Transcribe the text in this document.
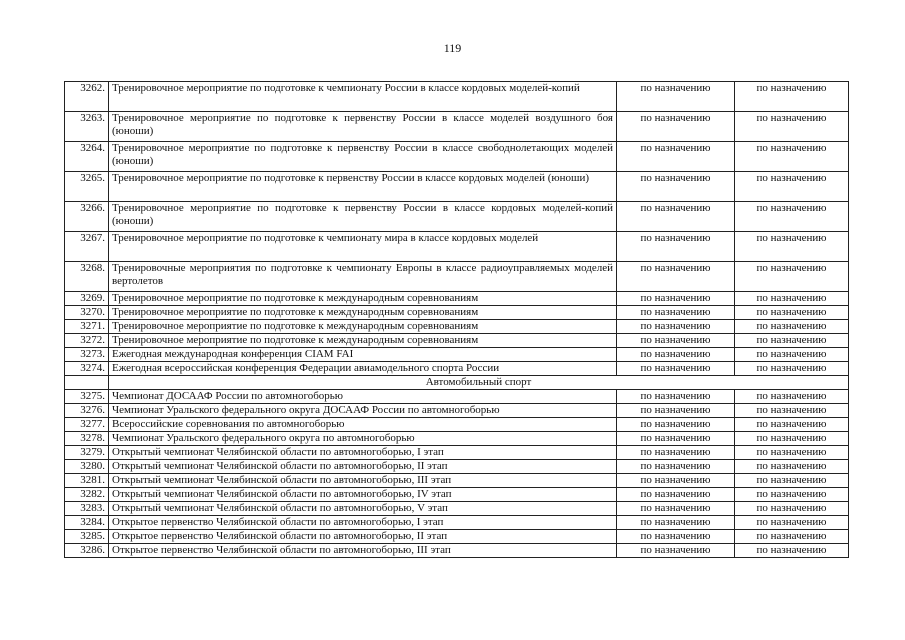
119
3262.	Тренировочное мероприятие по подготовке к чемпионату России в классе кордовых моделей-копий	по назначению	по назначению
3263.	Тренировочное мероприятие по подготовке к первенству России в классе моделей воздушного боя (юноши)	по назначению	по назначению
3264.	Тренировочное мероприятие по подготовке к первенству России в классе свободнолетающих моделей (юноши)	по назначению	по назначению
3265.	Тренировочное мероприятие по подготовке к первенству России в классе кордовых моделей (юноши)	по назначению	по назначению
3266.	Тренировочное мероприятие по подготовке к первенству России в классе кордовых моделей-копий (юноши)	по назначению	по назначению
3267.	Тренировочное мероприятие по подготовке к чемпионату мира в классе кордовых моделей	по назначению	по назначению
3268.	Тренировочные мероприятия по подготовке к чемпионату Европы в классе радиоуправляемых моделей вертолетов	по назначению	по назначению
3269.	Тренировочное мероприятие по подготовке к международным соревнованиям	по назначению	по назначению
3270.	Тренировочное мероприятие по подготовке к международным соревнованиям	по назначению	по назначению
3271.	Тренировочное мероприятие по подготовке к международным соревнованиям	по назначению	по назначению
3272.	Тренировочное мероприятие по подготовке к международным соревнованиям	по назначению	по назначению
3273.	Ежегодная международная конференция CIAM FAI	по назначению	по назначению
3274.	Ежегодная всероссийская конференция Федерации авиамодельного спорта России	по назначению	по назначению
	Автомобильный спорт		
3275.	Чемпионат ДОСААФ России по автомногоборью	по назначению	по назначению
3276.	Чемпионат Уральского федерального округа ДОСААФ России по автомногоборью	по назначению	по назначению
3277.	Всероссийские соревнования по автомногоборью	по назначению	по назначению
3278.	Чемпионат Уральского федерального округа по автомногоборью	по назначению	по назначению
3279.	Открытый чемпионат Челябинской области по автомногоборью, I этап	по назначению	по назначению
3280.	Открытый чемпионат Челябинской области по автомногоборью, II этап	по назначению	по назначению
3281.	Открытый чемпионат Челябинской области по автомногоборью, III этап	по назначению	по назначению
3282.	Открытый чемпионат Челябинской области по автомногоборью, IV этап	по назначению	по назначению
3283.	Открытый чемпионат Челябинской области по автомногоборью, V этап	по назначению	по назначению
3284.	Открытое первенство Челябинской области по автомногоборью, I этап	по назначению	по назначению
3285.	Открытое первенство Челябинской области по автомногоборью, II этап	по назначению	по назначению
3286.	Открытое первенство Челябинской области по автомногоборью, III этап	по назначению	по назначению
